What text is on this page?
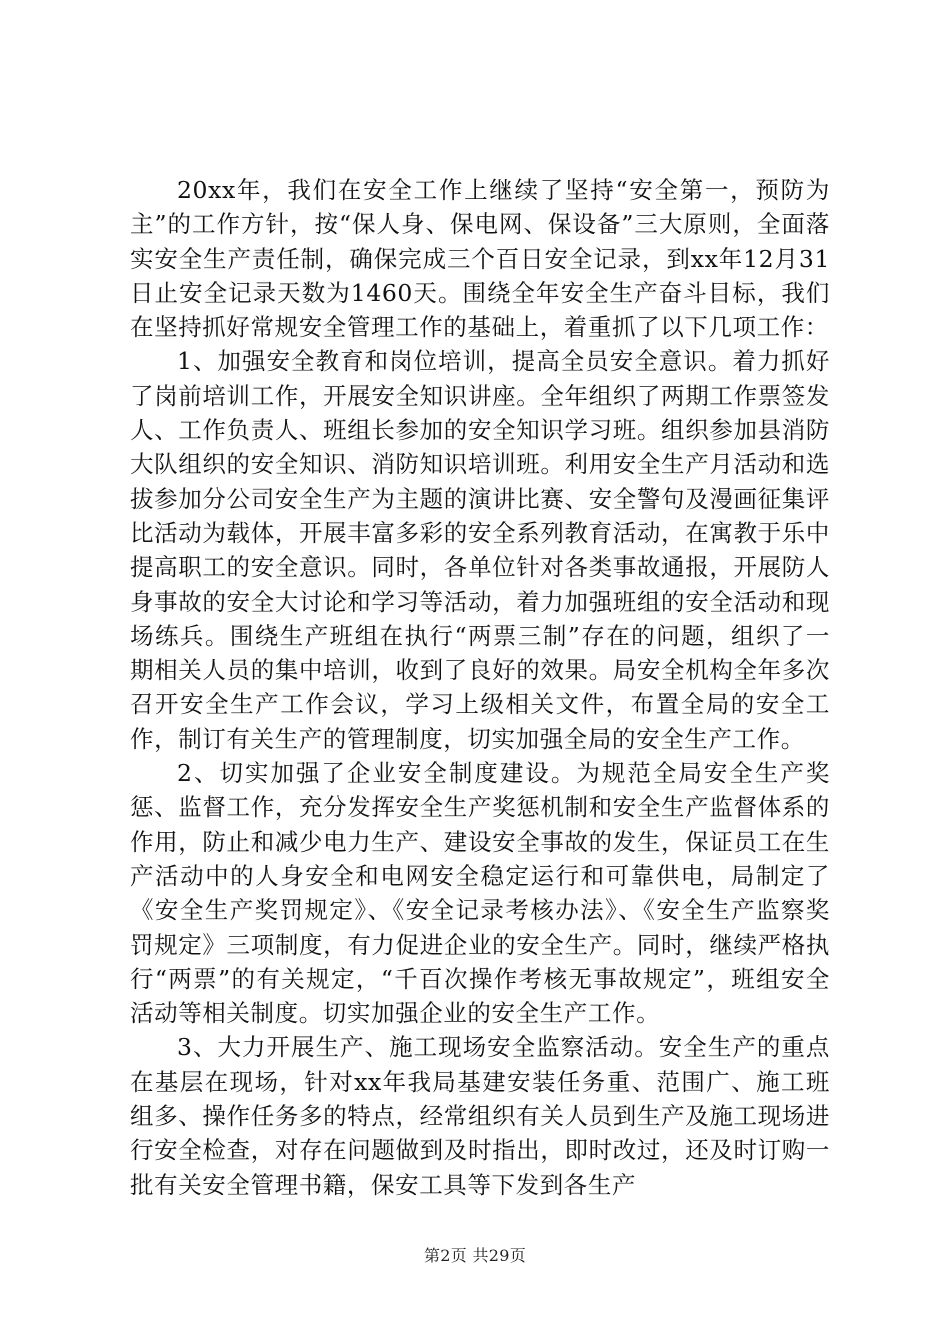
20xx年，我们在安全工作上继续了坚持“安全第一，预防为主”的工作方针，按“保人身、保电网、保设备”三大原则，全面落实安全生产责任制，确保完成三个百日安全记录，到xx年12月31日止安全记录天数为1460天。围绕全年安全生产奋斗目标，我们在坚持抓好常规安全管理工作的基础上，着重抓了以下几项工作：

1、加强安全教育和岗位培训，提高全员安全意识。着力抓好了岗前培训工作，开展安全知识讲座。全年组织了两期工作票签发人、工作负责人、班组长参加的安全知识学习班。组织参加县消防大队组织的安全知识、消防知识培训班。利用安全生产月活动和选拔参加分公司安全生产为主题的演讲比赛、安全警句及漫画征集评比活动为载体，开展丰富多彩的安全系列教育活动，在寓教于乐中提高职工的安全意识。同时，各单位针对各类事故通报，开展防人身事故的安全大讨论和学习等活动，着力加强班组的安全活动和现场练兵。围绕生产班组在执行“两票三制”存在的问题，组织了一期相关人员的集中培训，收到了良好的效果。局安全机构全年多次召开安全生产工作会议，学习上级相关文件，布置全局的安全工作，制订有关生产的管理制度，切实加强全局的安全生产工作。

2、切实加强了企业安全制度建设。为规范全局安全生产奖惩、监督工作，充分发挥安全生产奖惩机制和安全生产监督体系的作用，防止和减少电力生产、建设安全事故的发生，保证员工在生产活动中的人身安全和电网安全稳定运行和可靠供电，局制定了《安全生产奖罚规定》、《安全记录考核办法》、《安全生产监察奖罚规定》三项制度，有力促进企业的安全生产。同时，继续严格执行“两票”的有关规定，“千百次操作考核无事故规定”，班组安全活动等相关制度。切实加强企业的安全生产工作。

3、大力开展生产、施工现场安全监察活动。安全生产的重点在基层在现场，针对xx年我局基建安装任务重、范围广、施工班组多、操作任务多的特点，经常组织有关人员到生产及施工现场进行安全检查，对存在问题做到及时指出，即时改过，还及时订购一批有关安全管理书籍，保安工具等下发到各生产

第2页 共29页
